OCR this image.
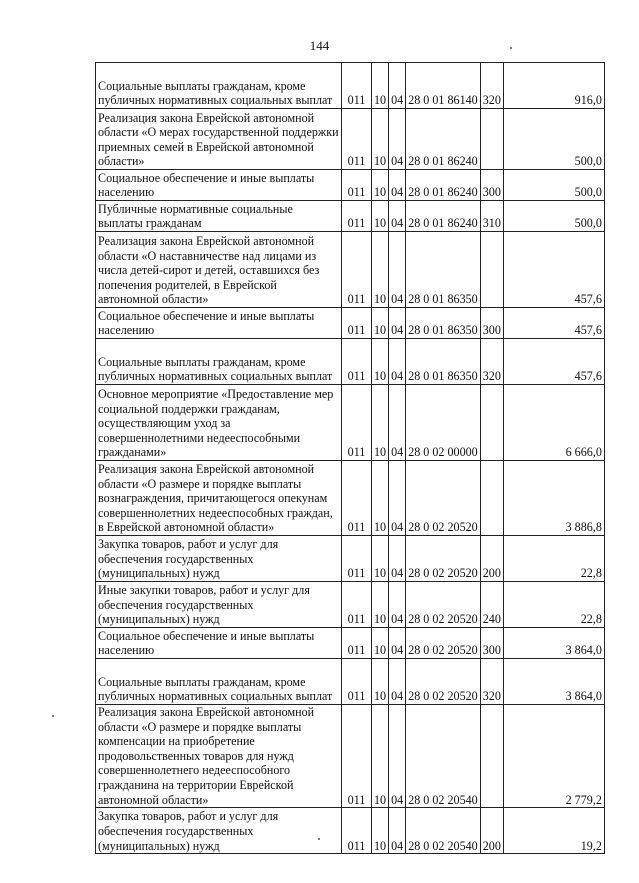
144
Социальные выплаты гражданам, кроме публичных нормативных социальных выплат	011	10	04	28 0 01 86140	320	916,0
Реализация закона Еврейской автономной области «О мерах государственной поддержки приемных семей в Еврейской автономной области»	011	10	04	28 0 01 86240		500,0
Социальное обеспечение и иные выплаты населению	011	10	04	28 0 01 86240	300	500,0
Публичные нормативные социальные выплаты гражданам	011	10	04	28 0 01 86240	310	500,0
Реализация закона Еврейской автономной области «О наставничестве над лицами из числа детей-сирот и детей, оставшихся без попечения родителей, в Еврейской автономной области»	011	10	04	28 0 01 86350		457,6
Социальное обеспечение и иные выплаты населению	011	10	04	28 0 01 86350	300	457,6
Социальные выплаты гражданам, кроме публичных нормативных социальных выплат	011	10	04	28 0 01 86350	320	457,6
Основное мероприятие «Предоставление мер социальной поддержки гражданам, осуществляющим уход за совершеннолетними недееспособными гражданами»	011	10	04	28 0 02 00000		6 666,0
Реализация закона Еврейской автономной области «О размере и порядке выплаты вознаграждения, причитающегося опекунам совершеннолетних недееспособных граждан, в Еврейской автономной области»	011	10	04	28 0 02 20520		3 886,8
Закупка товаров, работ и услуг для обеспечения государственных (муниципальных) нужд	011	10	04	28 0 02 20520	200	22,8
Иные закупки товаров, работ и услуг для обеспечения государственных (муниципальных) нужд	011	10	04	28 0 02 20520	240	22,8
Социальное обеспечение и иные выплаты населению	011	10	04	28 0 02 20520	300	3 864,0
Социальные выплаты гражданам, кроме публичных нормативных социальных выплат	011	10	04	28 0 02 20520	320	3 864,0
Реализация закона Еврейской автономной области «О размере и порядке выплаты компенсации на приобретение продовольственных товаров для нужд совершеннолетнего недееспособного гражданина на территории Еврейской автономной области»	011	10	04	28 0 02 20540		2 779,2
Закупка товаров, работ и услуг для обеспечения государственных (муниципальных) нужд	011	10	04	28 0 02 20540	200	19,2
